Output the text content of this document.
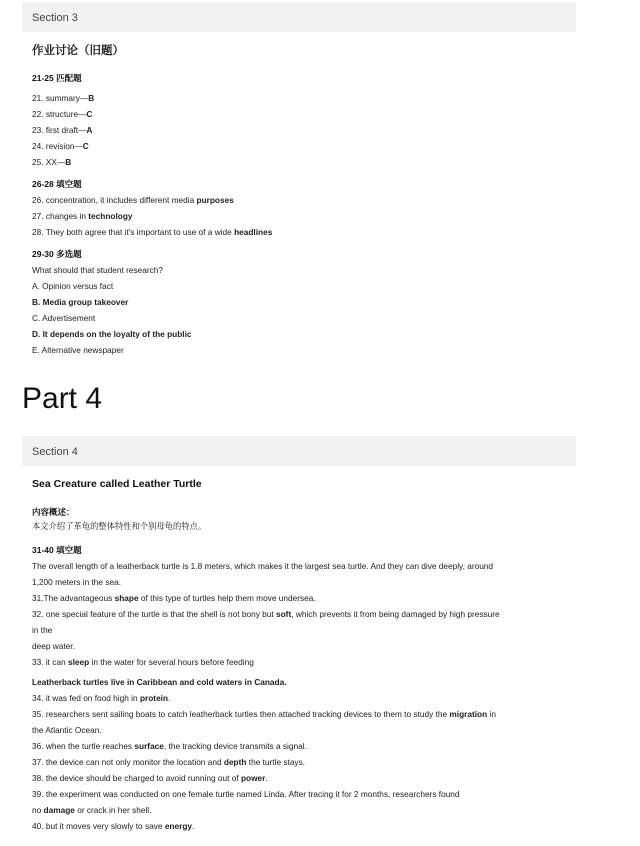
Section 3
作业讨论（旧题）
21-25 匹配题
21. summary—B
22. structure—C
23. first draft—A
24. revision—C
25. XX—B
26-28 填空题
26. concentration, it includes different media purposes
27. changes in technology
28. They both agree that it's important to use of a wide headlines
29-30 多选题
What should that student research?
A. Opinion versus fact
B. Media group takeover
C. Advertisement
D. It depends on the loyalty of the public
E. Alternative newspaper
Part 4
Section 4
Sea Creature called Leather Turtle
内容概述：
本文介绍了革龟的整体特性和个别母龟的特点。
31-40 填空题
The overall length of a leatherback turtle is 1.8 meters, which makes it the largest sea turtle. And they can dive deeply, around
1,200 meters in the sea.
31.The advantageous shape of this type of turtles help them move undersea.
32. one special feature of the turtle is that the shell is not bony but soft, which prevents it from being damaged by high pressure
in the
deep water.
33. it can sleep in the water for several hours before feeding
Leatherback turtles live in Caribbean and cold waters in Canada.
34. it was fed on food high in protein.
35. researchers sent sailing boats to catch leatherback turtles then attached tracking devices to them to study the migration in
the Atlantic Ocean.
36. when the turtle reaches surface, the tracking device transmits a signal.
37. the device can not only monitor the location and depth the turtle stays.
38. the device should be charged to avoid running out of power.
39. the experiment was conducted on one female turtle named Linda. After tracing it for 2 months, researchers found
no damage or crack in her shell.
40. but it moves very slowly to save energy.
